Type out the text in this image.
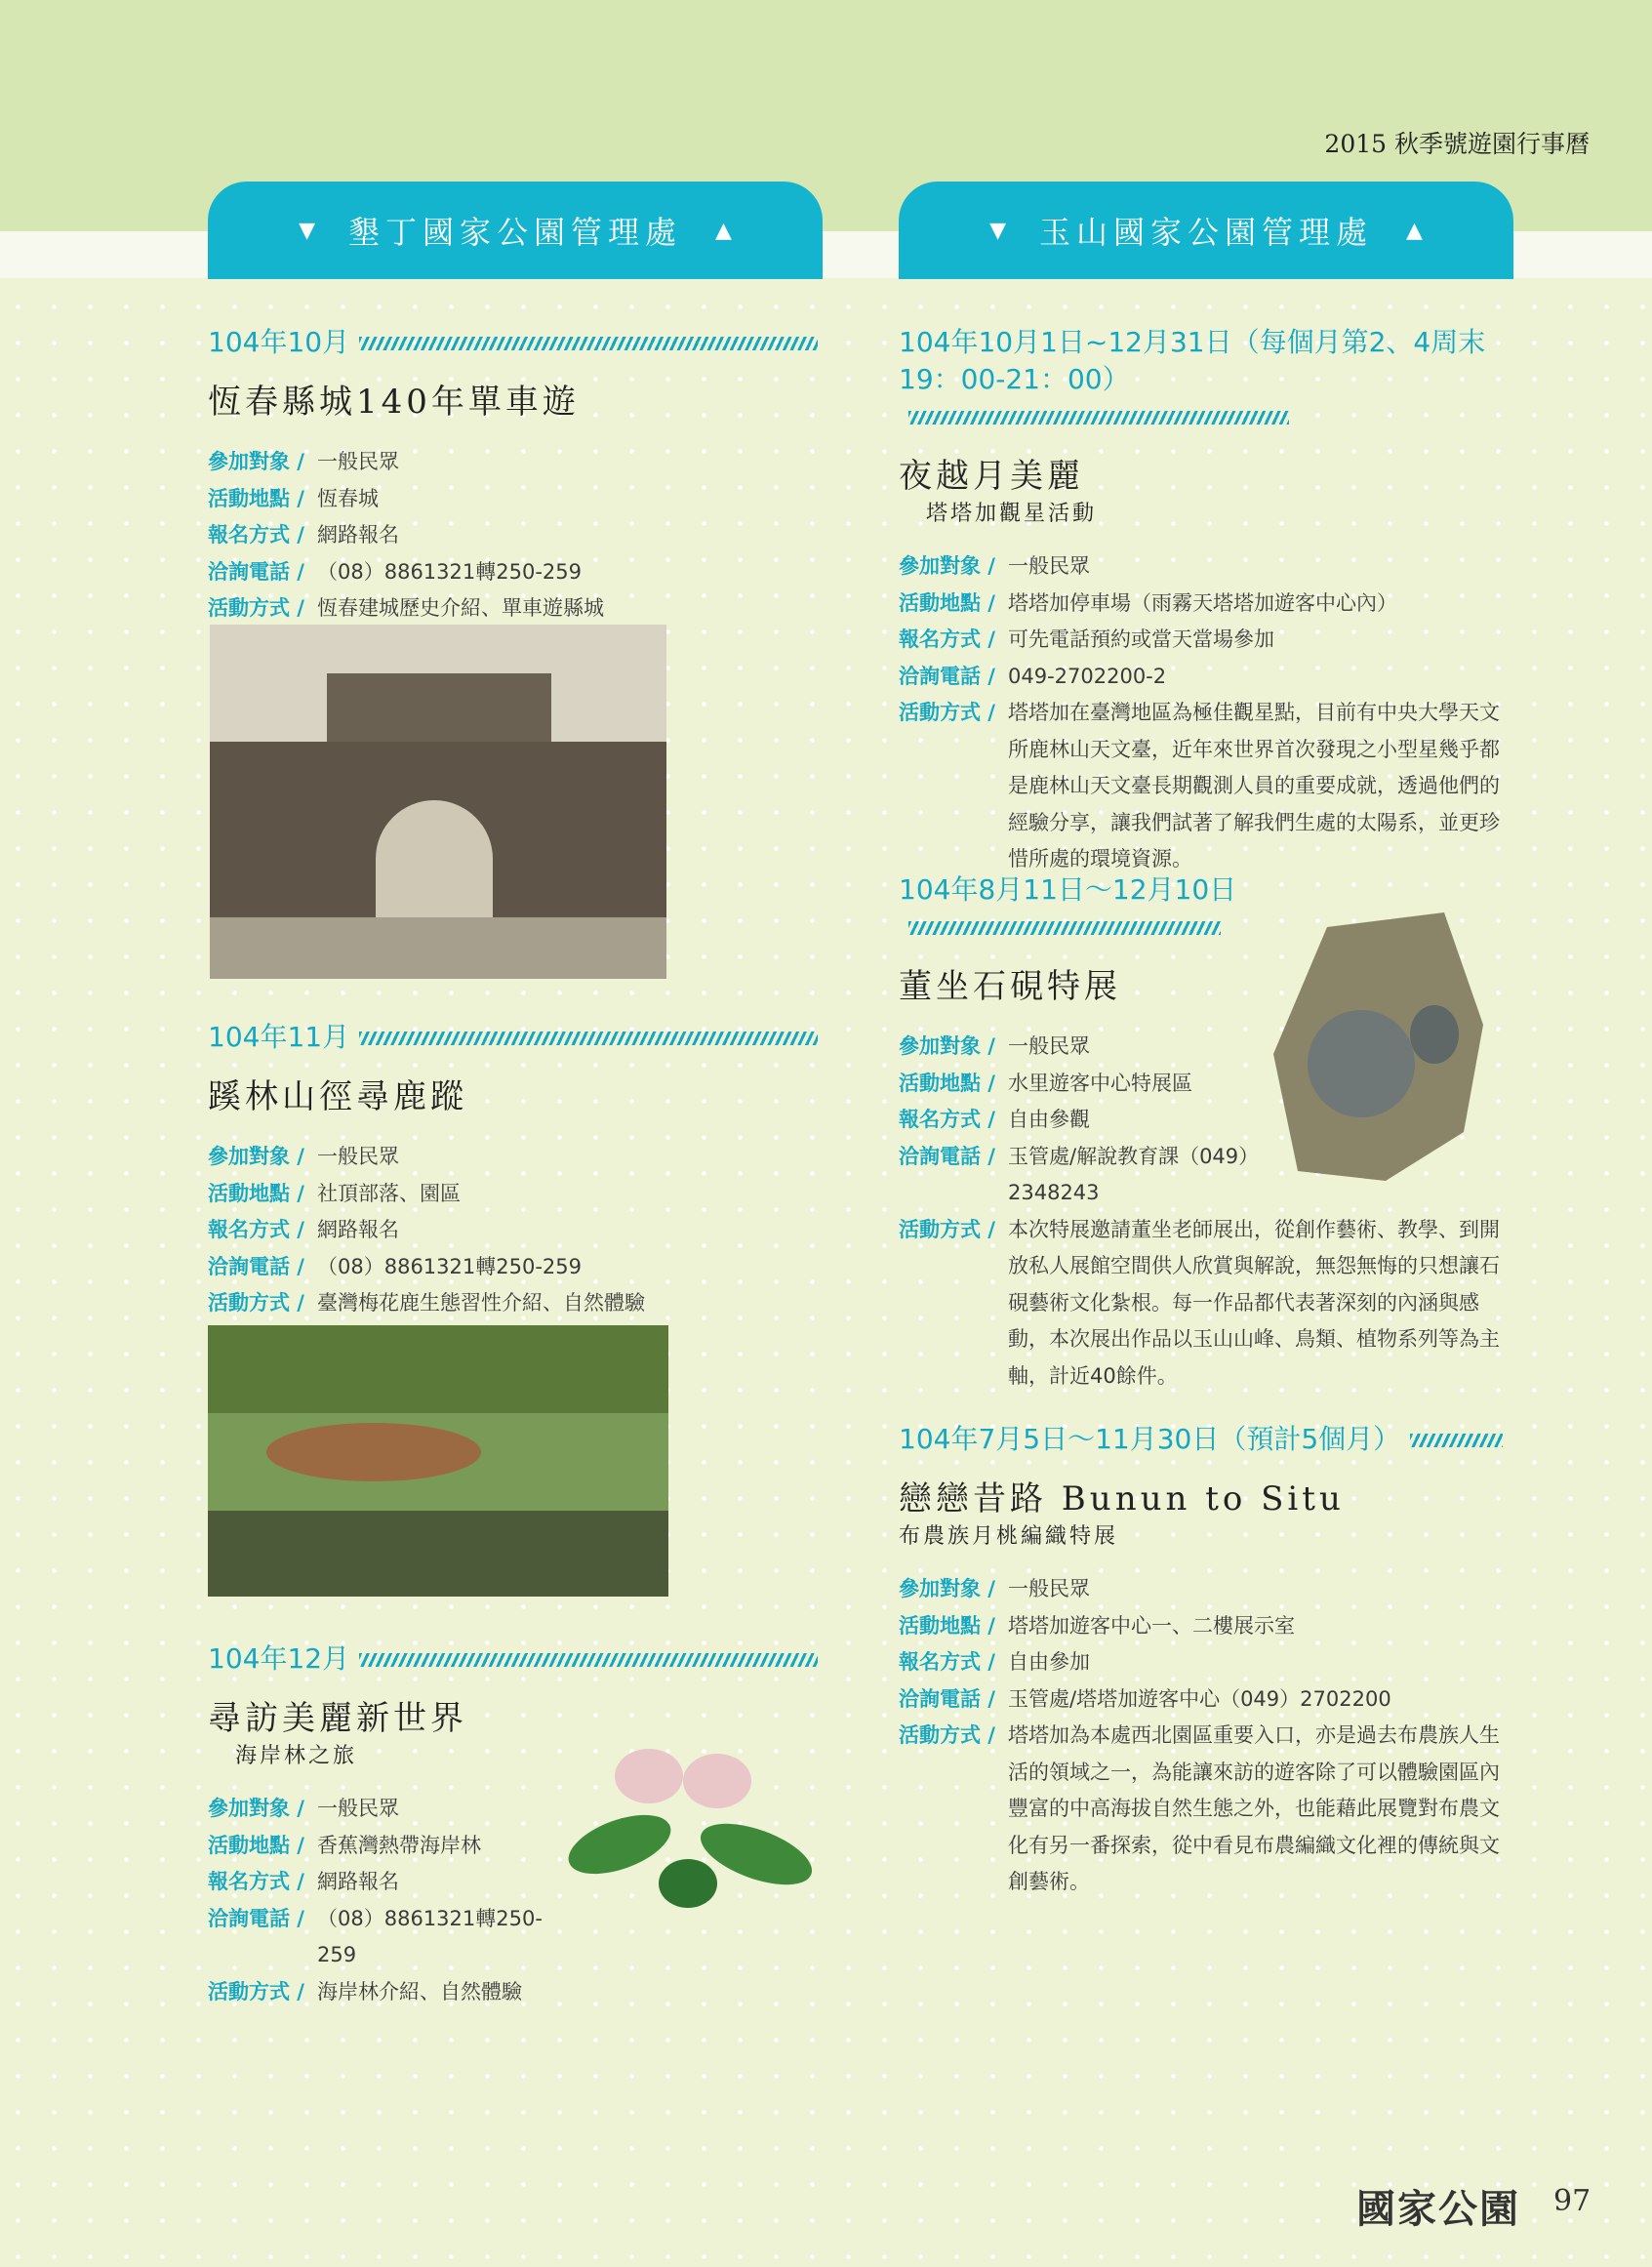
2015 秋季號遊園行事曆
▼ 墾丁國家公園管理處 ▲	▼ 玉山國家公園管理處 ▲
104年10月
恆春縣城140年單車遊
參加對象 / 一般民眾
活動地點 / 恆春城
報名方式 / 網路報名
洽詢電話 / （08）8861321轉250-259
活動方式 / 恆春建城歷史介紹、單車遊縣城
104年11月
蹊林山徑尋鹿蹤
參加對象 / 一般民眾
活動地點 / 社頂部落、園區
報名方式 / 網路報名
洽詢電話 / （08）8861321轉250-259
活動方式 / 臺灣梅花鹿生態習性介紹、自然體驗
104年12月
尋訪美麗新世界
海岸林之旅
參加對象 / 一般民眾
活動地點 / 香蕉灣熱帶海岸林
報名方式 / 網路報名
洽詢電話 / （08）8861321轉250-259
活動方式 / 海岸林介紹、自然體驗
104年10月1日~12月31日（每個月第2、4周末19：00-21：00）
夜越月美麗
塔塔加觀星活動
參加對象 / 一般民眾
活動地點 / 塔塔加停車場（雨霧天塔塔加遊客中心內）
報名方式 / 可先電話預約或當天當場參加
洽詢電話 / 049-2702200-2
活動方式 / 塔塔加在臺灣地區為極佳觀星點，目前有中央大學天文所鹿林山天文臺，近年來世界首次發現之小型星幾乎都是鹿林山天文臺長期觀測人員的重要成就，透過他們的經驗分享，讓我們試著了解我們生處的太陽系，並更珍惜所處的環境資源。
104年8月11日～12月10日
董坐石硯特展
參加對象 / 一般民眾
活動地點 / 水里遊客中心特展區
報名方式 / 自由參觀
洽詢電話 / 玉管處/解說教育課（049）2348243
活動方式 / 本次特展邀請董坐老師展出，從創作藝術、教學、到開放私人展館空間供人欣賞與解說，無怨無悔的只想讓石硯藝術文化紮根。每一作品都代表著深刻的內涵與感動，本次展出作品以玉山山峰、鳥類、植物系列等為主軸，計近40餘件。
104年7月5日～11月30日（預計5個月）
戀戀昔路 Bunun to Situ
布農族月桃編織特展
參加對象 / 一般民眾
活動地點 / 塔塔加遊客中心一、二樓展示室
報名方式 / 自由參加
洽詢電話 / 玉管處/塔塔加遊客中心（049）2702200
活動方式 / 塔塔加為本處西北園區重要入口，亦是過去布農族人生活的領域之一，為能讓來訪的遊客除了可以體驗園區內豐富的中高海拔自然生態之外，也能藉此展覽對布農文化有另一番探索，從中看見布農編織文化裡的傳統與文創藝術。
國家公園 97
